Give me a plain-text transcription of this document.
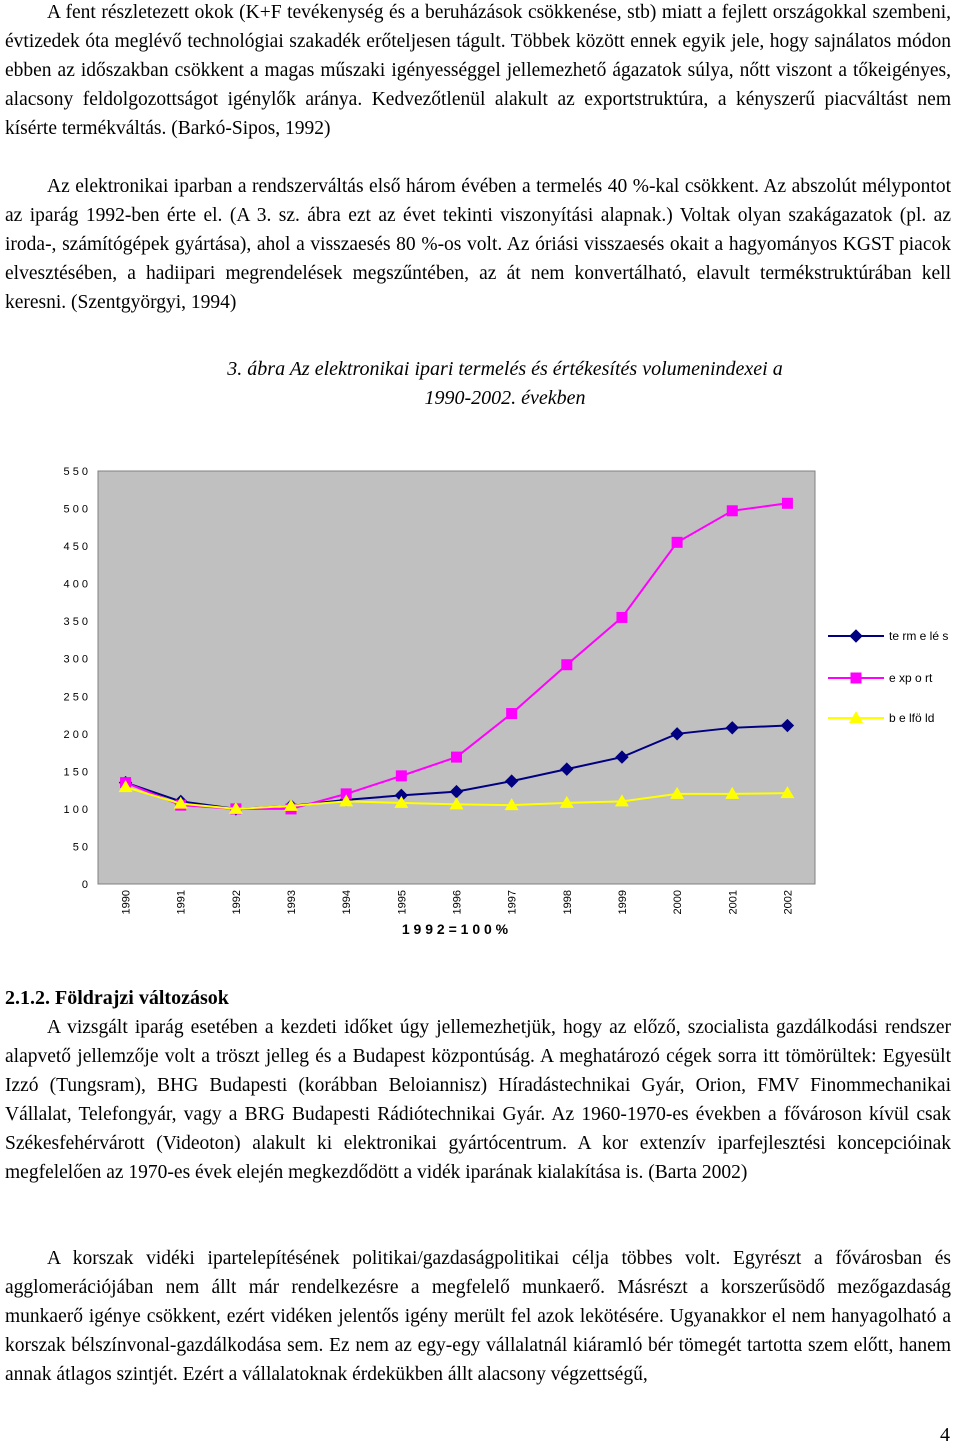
A fent részletezett okok (K+F tevékenység és a beruházások csökkenése, stb) miatt a fejlett országokkal szembeni, évtizedek óta meglévő technológiai szakadék erőteljesen tágult. Többek között ennek egyik jele, hogy sajnálatos módon ebben az időszakban csökkent a magas műszaki igényességgel jellemezhető ágazatok súlya, nőtt viszont a tőkeigényes, alacsony feldolgozottságot igénylők aránya. Kedvezőtlenül alakult az exportstruktúra, a kényszerű piacváltást nem kísérte termékváltás. (Barkó-Sipos, 1992)

Az elektronikai iparban a rendszerváltás első három évében a termelés 40 %-kal csökkent. Az abszolút mélypontot az iparág 1992-ben érte el. (A 3. sz. ábra ezt az évet tekinti viszonyítási alapnak.) Voltak olyan szakágazatok (pl. az iroda-, számítógépek gyártása), ahol a visszaesés 80 %-os volt. Az óriási visszaesés okait a hagyományos KGST piacok elvesztésében, a hadiipari megrendelések megszűntében, az át nem konvertálható, elavult termékstruktúrában kell keresni. (Szentgyörgyi, 1994)

3. ábra Az elektronikai ipari termelés és értékesítés volumenindexei a

1990-2002. években

0
5 0
1 0 0
1 5 0
2 0 0
2 5 0
3 0 0
3 5 0
4 0 0
4 5 0
5 0 0
5 5 0
1990	1991	1992	1993	1994	1995	1996	1997	1998	1999	2000	2001	2002
te rm e lé s
e xp o rt
b e lfö ld
1 9 9 2 = 1 0 0 %

2.1.2. Földrajzi változások

A vizsgált iparág esetében a kezdeti időket úgy jellemezhetjük, hogy az előző, szocialista gazdálkodási rendszer alapvető jellemzője volt a tröszt jelleg és a Budapest központúság. A meghatározó cégek sorra itt tömörültek: Egyesült Izzó (Tungsram), BHG Budapesti (korábban Beloiannisz) Híradástechnikai Gyár, Orion, FMV Finommechanikai Vállalat, Telefongyár, vagy a BRG Budapesti Rádiótechnikai Gyár. Az 1960-1970-es években a fővároson kívül csak Székesfehérvárott (Videoton) alakult ki elektronikai gyártócentrum. A kor extenzív iparfejlesztési koncepcióinak megfelelően az 1970-es évek elején megkezdődött a vidék iparának kialakítása is. (Barta 2002)

A korszak vidéki ipartelepítésének politikai/gazdaságpolitikai célja többes volt. Egyrészt a fővárosban és agglomerációjában nem állt már rendelkezésre a megfelelő munkaerő. Másrészt a korszerűsödő mezőgazdaság munkaerő igénye csökkent, ezért vidéken jelentős igény merült fel azok lekötésére. Ugyanakkor el nem hanyagolható a korszak bélszínvonal-gazdálkodása sem. Ez nem az egy-egy vállalatnál kiáramló bér tömegét tartotta szem előtt, hanem annak átlagos szintjét. Ezért a vállalatoknak érdekükben állt alacsony végzettségű,

4
